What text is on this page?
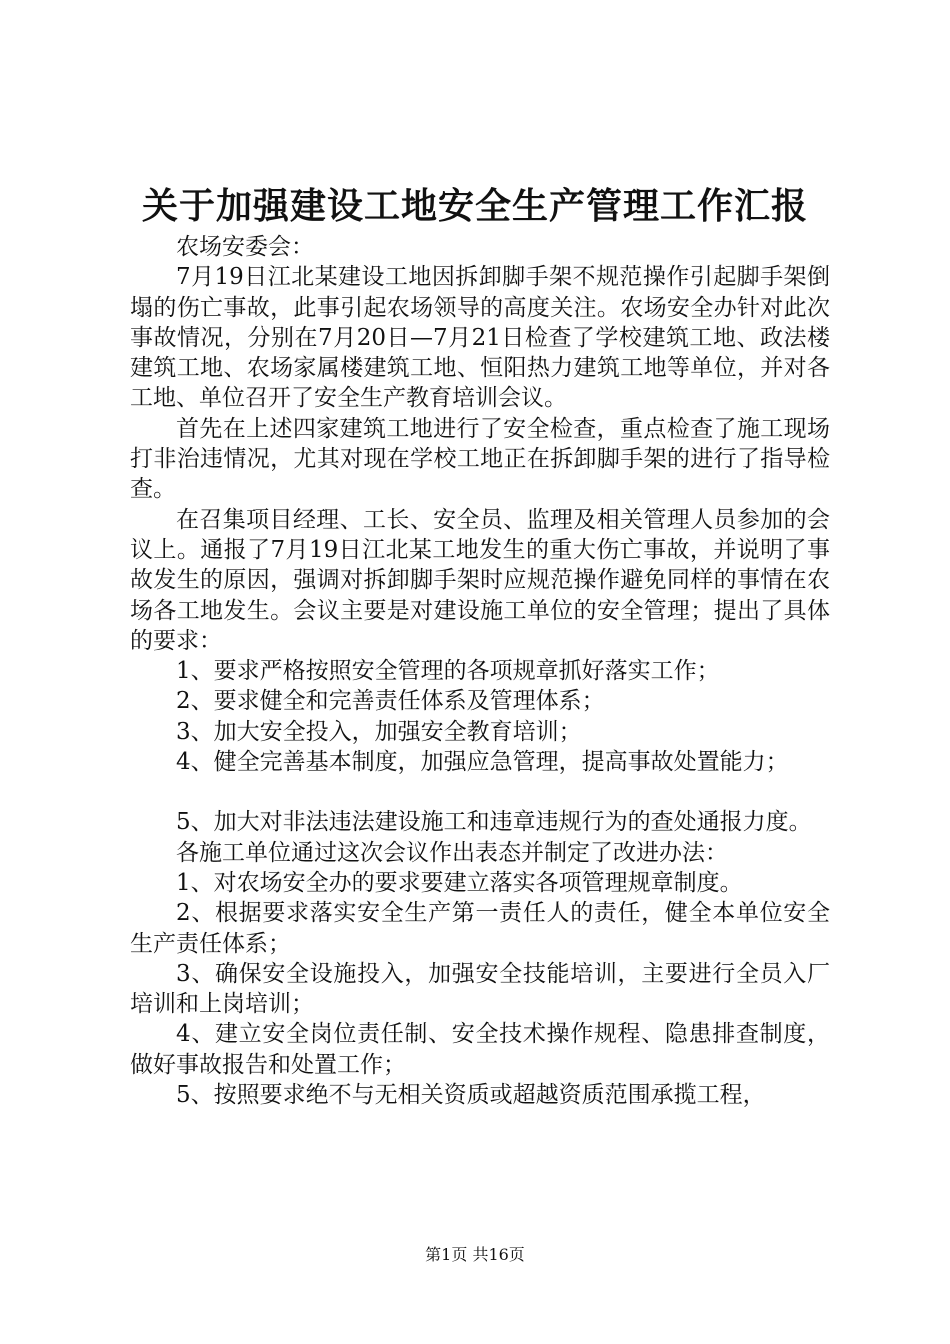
关于加强建设工地安全生产管理工作汇报

农场安委会：

7月19日江北某建设工地因拆卸脚手架不规范操作引起脚手架倒塌的伤亡事故，此事引起农场领导的高度关注。农场安全办针对此次事故情况，分别在7月20日—7月21日检查了学校建筑工地、政法楼建筑工地、农场家属楼建筑工地、恒阳热力建筑工地等单位，并对各工地、单位召开了安全生产教育培训会议。

首先在上述四家建筑工地进行了安全检查，重点检查了施工现场打非治违情况，尤其对现在学校工地正在拆卸脚手架的进行了指导检查。

在召集项目经理、工长、安全员、监理及相关管理人员参加的会议上。通报了7月19日江北某工地发生的重大伤亡事故，并说明了事故发生的原因，强调对拆卸脚手架时应规范操作避免同样的事情在农场各工地发生。会议主要是对建设施工单位的安全管理；提出了具体的要求：

1、要求严格按照安全管理的各项规章抓好落实工作；

2、要求健全和完善责任体系及管理体系；

3、加大安全投入，加强安全教育培训；

4、健全完善基本制度，加强应急管理，提高事故处置能力；

5、加大对非法违法建设施工和违章违规行为的查处通报力度。

各施工单位通过这次会议作出表态并制定了改进办法：

1、对农场安全办的要求要建立落实各项管理规章制度。

2、根据要求落实安全生产第一责任人的责任，健全本单位安全生产责任体系；

3、确保安全设施投入，加强安全技能培训，主要进行全员入厂培训和上岗培训；

4、建立安全岗位责任制、安全技术操作规程、隐患排查制度，做好事故报告和处置工作；

5、按照要求绝不与无相关资质或超越资质范围承揽工程，

第1页 共16页
